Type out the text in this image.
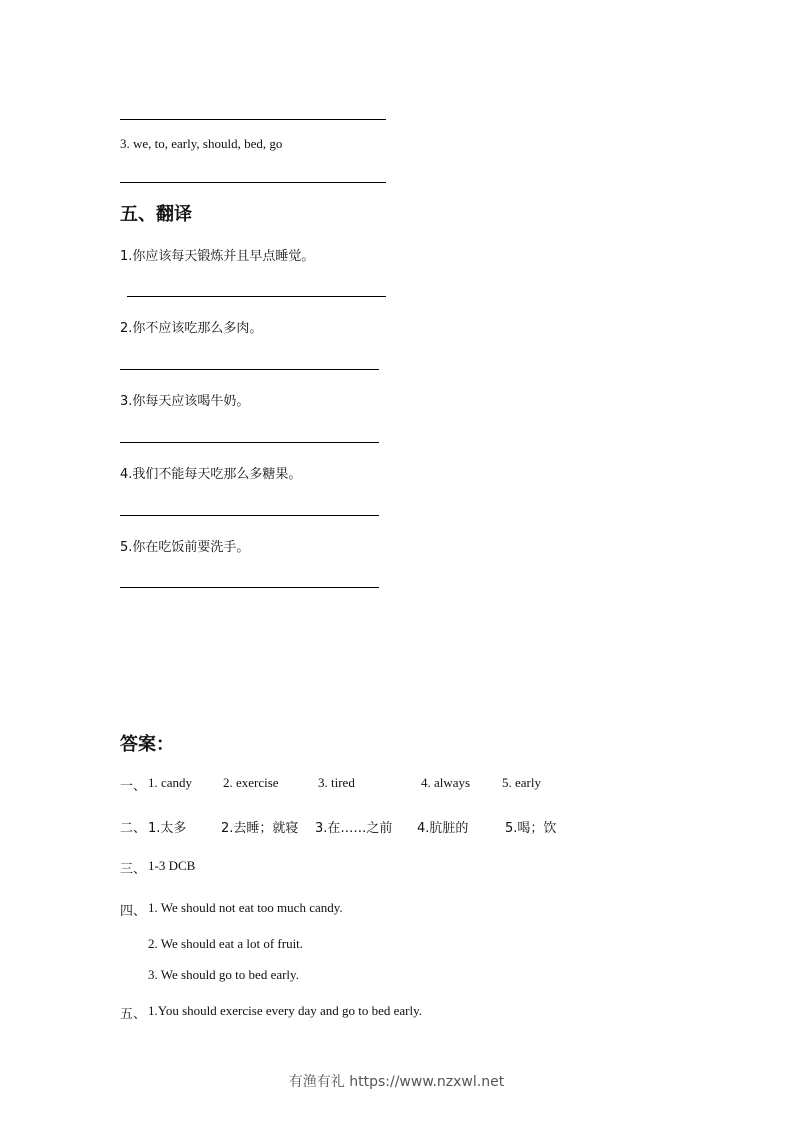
3. we, to, early, should, bed, go
五、翻译
1.你应该每天锻炼并且早点睡觉。
2.你不应该吃那么多肉。
3.你每天应该喝牛奶。
4.我们不能每天吃那么多糖果。
5.你在吃饭前要洗手。
答案：
一、 1. candy 2. exercise	3. tired	4. always 5. early
二、 1.太多	2.去睡；就寝 3.在……之前 4.肮脏的	5.喝；饮
三、 1-3 DCB
四、 1. We should not eat too much candy.
2. We should eat a lot of fruit.
3. We should go to bed early.
五、 1.You should exercise every day and go to bed early.
有渔有礼 https://www.nzxwl.net
